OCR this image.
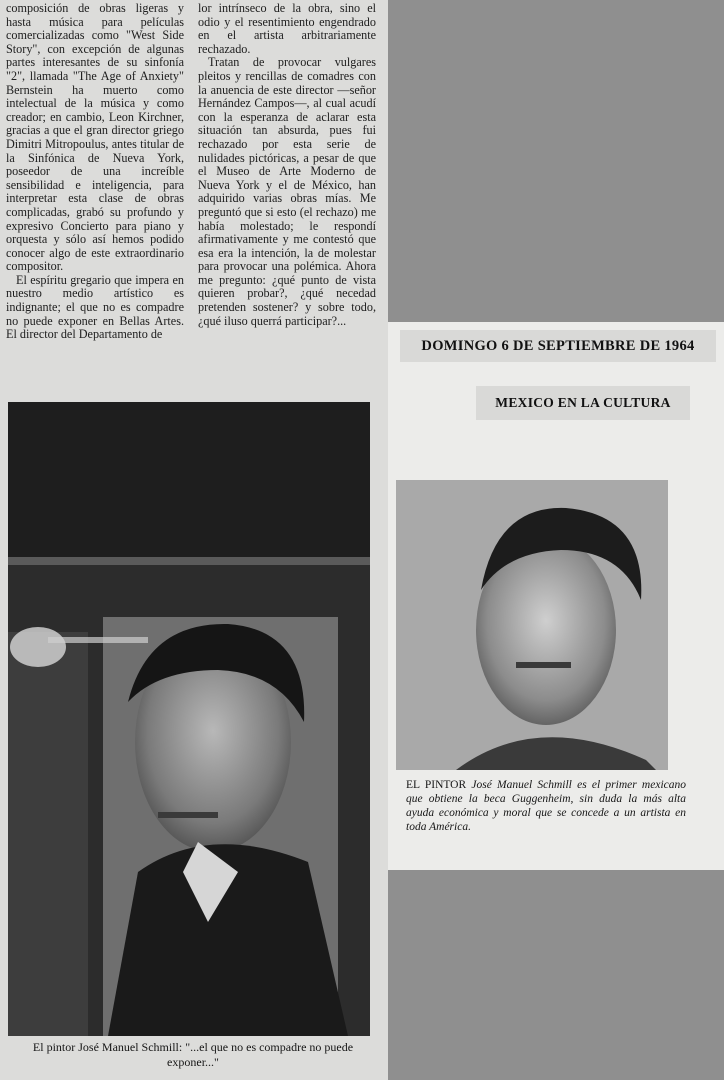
composición de obras ligeras y hasta música para películas comercializadas como "West Side Story", con excepción de algunas partes interesantes de su sinfonía "2", llamada "The Age of Anxiety" Bernstein ha muerto como intelectual de la música y como creador; en cambio, Leon Kirchner, gracias a que el gran director griego Dimitri Mitropoulus, antes titular de la Sinfónica de Nueva York, poseedor de una increíble sensibilidad e inteligencia, para interpretar esta clase de obras complicadas, grabó su profundo y expresivo Concierto para piano y orquesta y sólo así hemos podido conocer algo de este extraordinario compositor.

El espíritu gregario que impera en nuestro medio artístico es indignante; el que no es compadre no puede exponer en Bellas Artes. El director del Departamento de

lor intrínseco de la obra, sino el odio y el resentimiento engendrado en el artista arbitrariamente rechazado.

Tratan de provocar vulgares pleitos y rencillas de comadres con la anuencia de este director —señor Hernández Campos—, al cual acudí con la esperanza de aclarar esta situación tan absurda, pues fui rechazado por esta serie de nulidades pictóricas, a pesar de que el Museo de Arte Moderno de Nueva York y el de México, han adquirido varias obras mías. Me preguntó que si esto (el rechazo) me había molestado; le respondí afirmativamente y me contestó que esa era la intención, la de molestar para provocar una polémica. Ahora me pregunto: ¿qué punto de vista quieren probar?, ¿qué necedad pretenden sostener? y sobre todo, ¿qué iluso querrá participar?...

El pintor José Manuel Schmill: "...el que no es compadre no puede exponer..."
DOMINGO 6 DE SEPTIEMBRE DE 1964
MEXICO EN LA CULTURA
EL PINTOR José Manuel Schmill es el primer mexicano que obtiene la beca Guggenheim, sin duda la más alta ayuda económica y moral que se concede a un artista en toda América.
